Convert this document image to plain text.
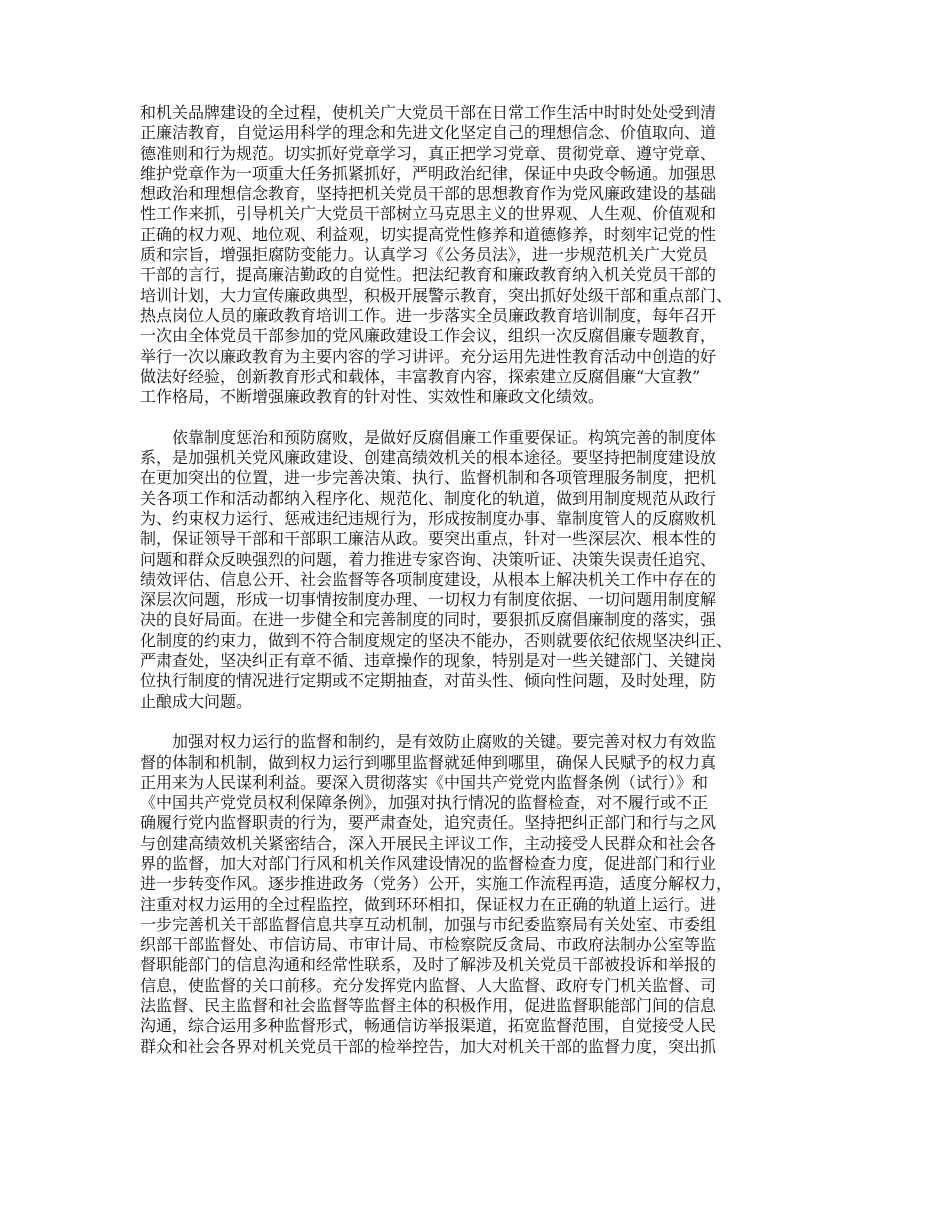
和机关品牌建设的全过程，使机关广大党员干部在日常工作生活中时时处处受到清
正廉洁教育，自觉运用科学的理念和先进文化坚定自己的理想信念、价值取向、道
德准则和行为规范。切实抓好党章学习，真正把学习党章、贯彻党章、遵守党章、
维护党章作为一项重大任务抓紧抓好，严明政治纪律，保证中央政令畅通。加强思
想政治和理想信念教育，坚持把机关党员干部的思想教育作为党风廉政建设的基础
性工作来抓，引导机关广大党员干部树立马克思主义的世界观、人生观、价值观和
正确的权力观、地位观、利益观，切实提高党性修养和道德修养，时刻牢记党的性
质和宗旨，增强拒腐防变能力。认真学习《公务员法》，进一步规范机关广大党员
干部的言行，提高廉洁勤政的自觉性。把法纪教育和廉政教育纳入机关党员干部的
培训计划，大力宣传廉政典型，积极开展警示教育，突出抓好处级干部和重点部门、
热点岗位人员的廉政教育培训工作。进一步落实全员廉政教育培训制度，每年召开
一次由全体党员干部参加的党风廉政建设工作会议，组织一次反腐倡廉专题教育，
举行一次以廉政教育为主要内容的学习讲评。充分运用先进性教育活动中创造的好
做法好经验，创新教育形式和载体，丰富教育内容，探索建立反腐倡廉“大宣教”
工作格局，不断增强廉政教育的针对性、实效性和廉政文化绩效。
依靠制度惩治和预防腐败，是做好反腐倡廉工作重要保证。构筑完善的制度体
系，是加强机关党风廉政建设、创建高绩效机关的根本途径。要坚持把制度建设放
在更加突出的位置，进一步完善决策、执行、监督机制和各项管理服务制度，把机
关各项工作和活动都纳入程序化、规范化、制度化的轨道，做到用制度规范从政行
为、约束权力运行、惩戒违纪违规行为，形成按制度办事、靠制度管人的反腐败机
制，保证领导干部和干部职工廉洁从政。要突出重点，针对一些深层次、根本性的
问题和群众反映强烈的问题，着力推进专家咨询、决策听证、决策失误责任追究、
绩效评估、信息公开、社会监督等各项制度建设，从根本上解决机关工作中存在的
深层次问题，形成一切事情按制度办理、一切权力有制度依据、一切问题用制度解
决的良好局面。在进一步健全和完善制度的同时，要狠抓反腐倡廉制度的落实，强
化制度的约束力，做到不符合制度规定的坚决不能办，否则就要依纪依规坚决纠正、
严肃查处，坚决纠正有章不循、违章操作的现象，特别是对一些关键部门、关键岗
位执行制度的情况进行定期或不定期抽查，对苗头性、倾向性问题，及时处理，防
止酿成大问题。
加强对权力运行的监督和制约，是有效防止腐败的关键。要完善对权力有效监
督的体制和机制，做到权力运行到哪里监督就延伸到哪里，确保人民赋予的权力真
正用来为人民谋利利益。要深入贯彻落实《中国共产党党内监督条例（试行）》和
《中国共产党党员权利保障条例》，加强对执行情况的监督检查，对不履行或不正
确履行党内监督职责的行为，要严肃查处，追究责任。坚持把纠正部门和行与之风
与创建高绩效机关紧密结合，深入开展民主评议工作，主动接受人民群众和社会各
界的监督，加大对部门行风和机关作风建设情况的监督检查力度，促进部门和行业
进一步转变作风。逐步推进政务（党务）公开，实施工作流程再造，适度分解权力，
注重对权力运用的全过程监控，做到环环相扣，保证权力在正确的轨道上运行。进
一步完善机关干部监督信息共享互动机制，加强与市纪委监察局有关处室、市委组
织部干部监督处、市信访局、市审计局、市检察院反贪局、市政府法制办公室等监
督职能部门的信息沟通和经常性联系，及时了解涉及机关党员干部被投诉和举报的
信息，使监督的关口前移。充分发挥党内监督、人大监督、政府专门机关监督、司
法监督、民主监督和社会监督等监督主体的积极作用，促进监督职能部门间的信息
沟通，综合运用多种监督形式，畅通信访举报渠道，拓宽监督范围，自觉接受人民
群众和社会各界对机关党员干部的检举控告，加大对机关干部的监督力度，突出抓
